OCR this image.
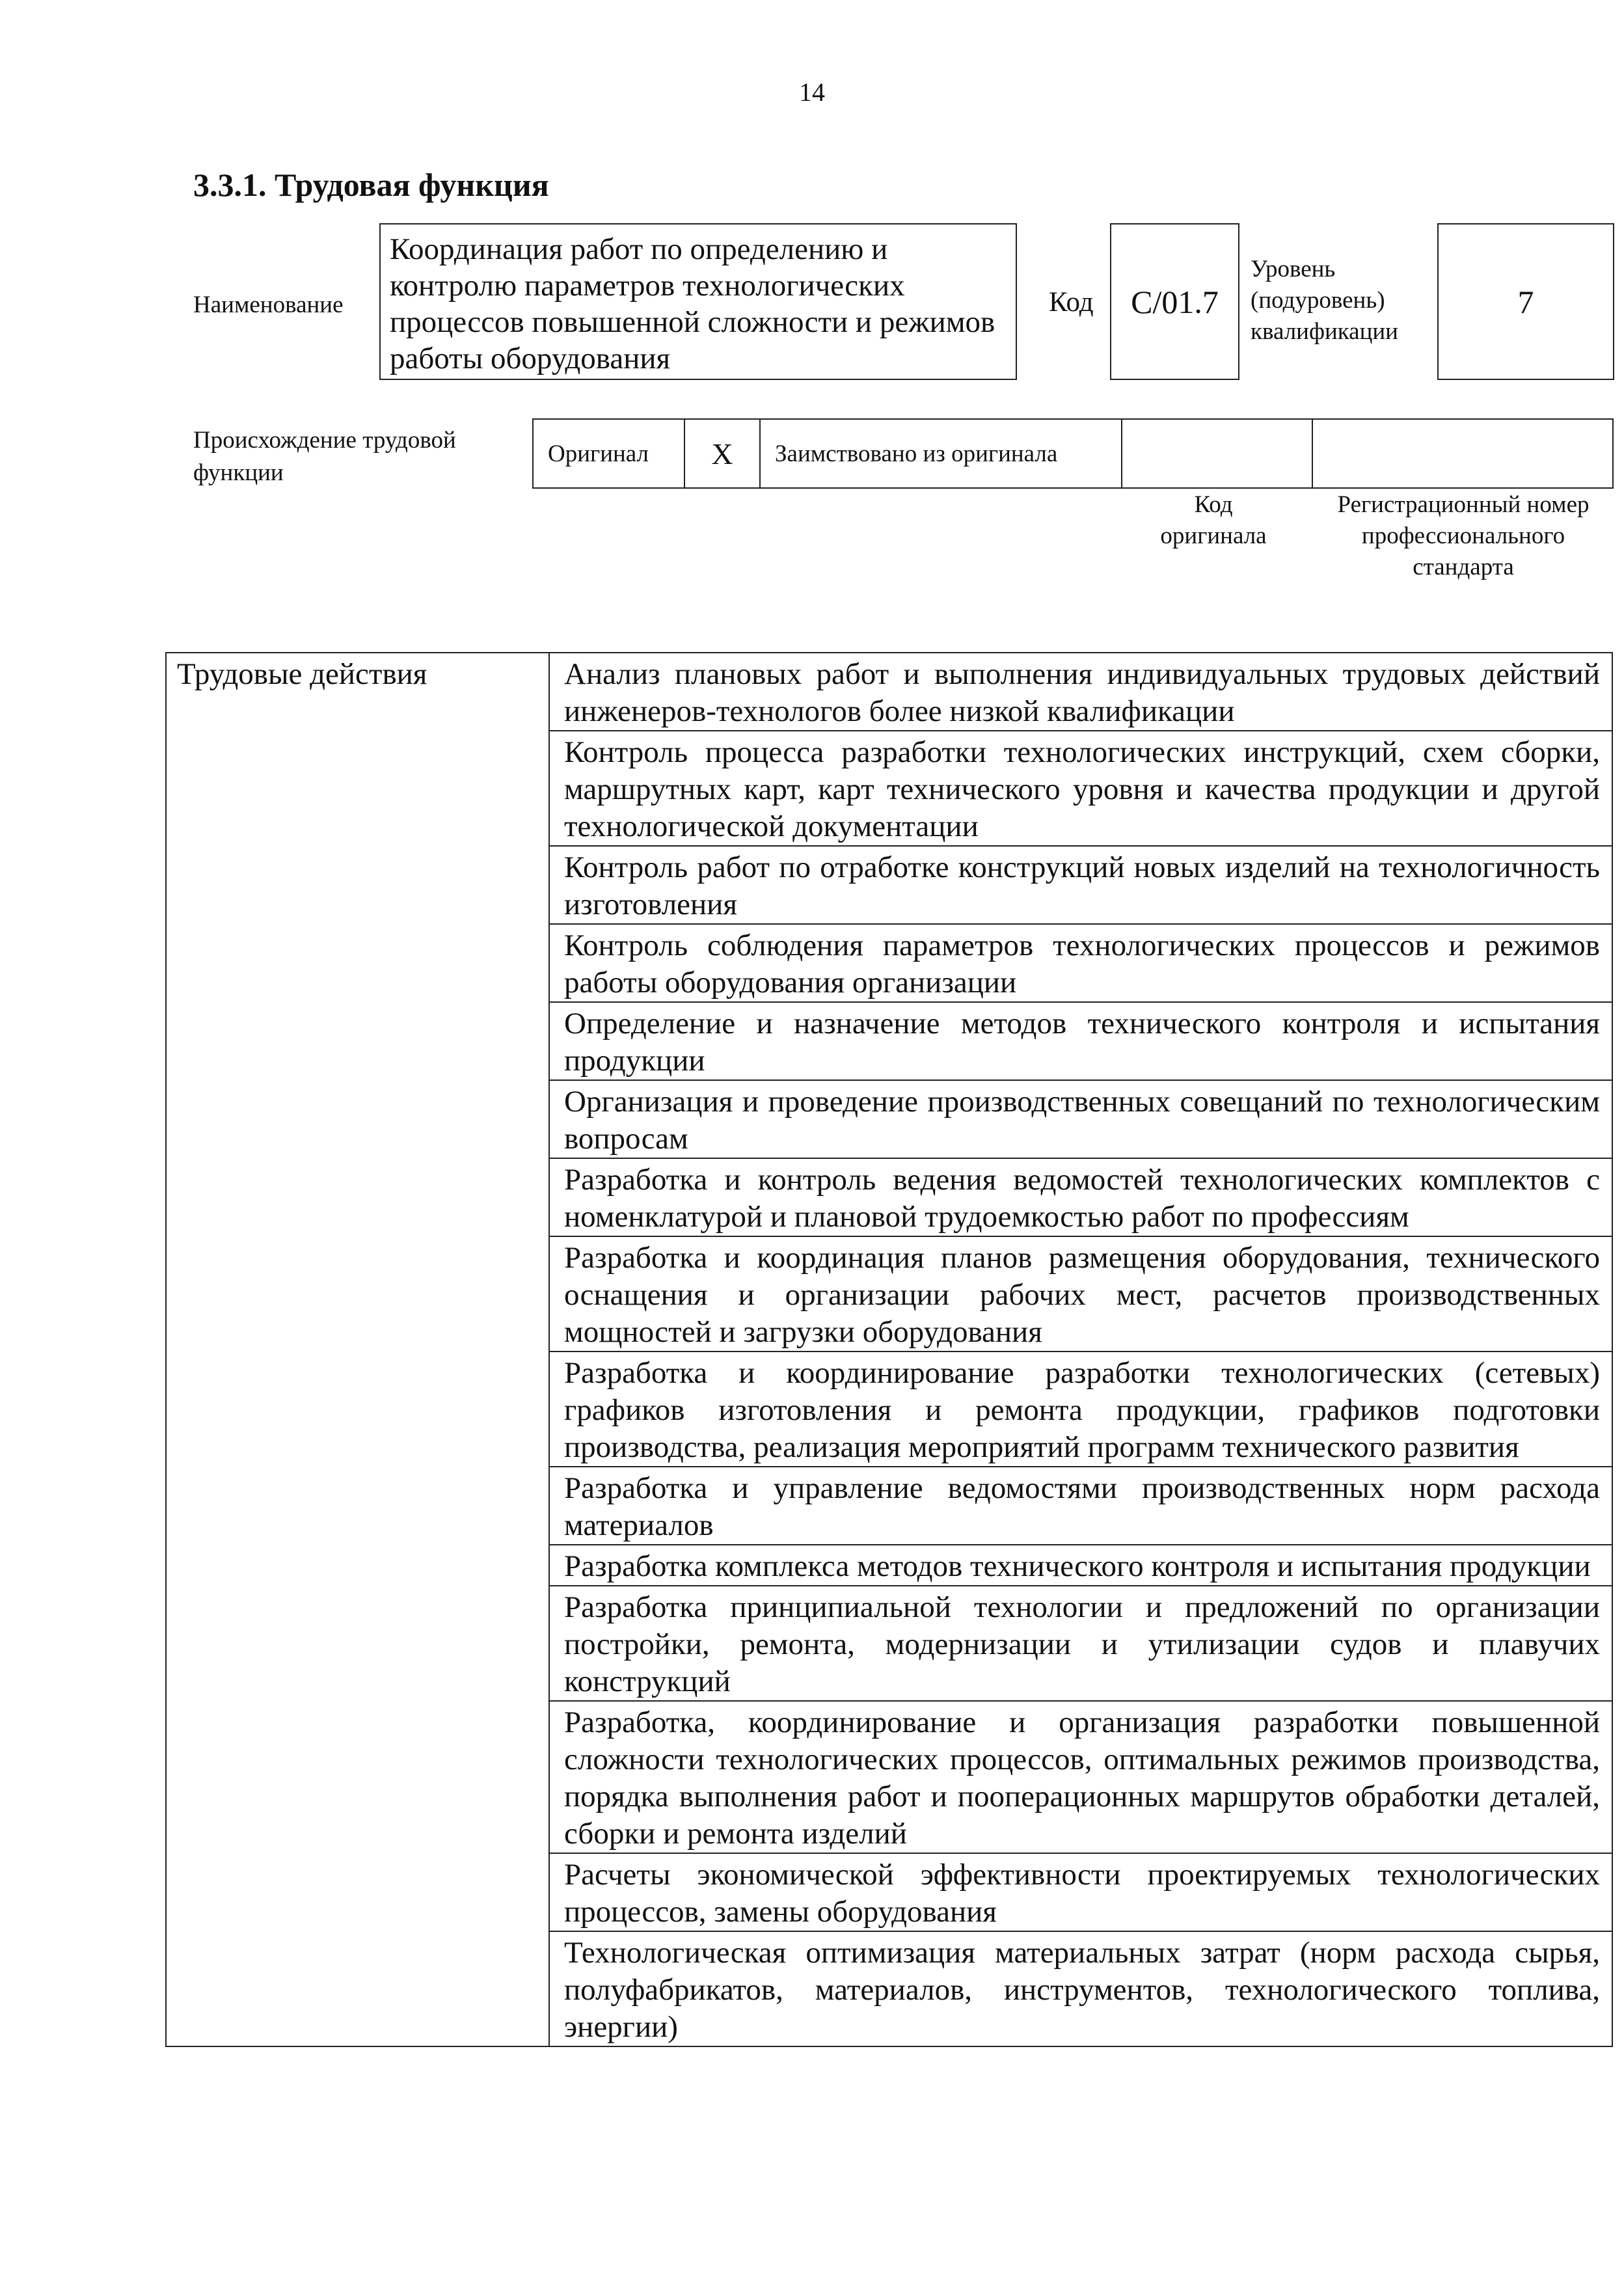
14
3.3.1. Трудовая функция
Наименование
Координация работ по определению и контролю параметров технологических процессов повышенной сложности и режимов работы оборудования
Код	C/01.7
Уровень (подуровень) квалификации
7
Происхождение трудовой функции
Оригинал	X	Заимствовано из оригинала
Код оригинала
Регистрационный номер профессионального стандарта
Трудовые действия	Анализ плановых работ и выполнения индивидуальных трудовых действий инженеров-технологов более низкой квалификации
Контроль процесса разработки технологических инструкций, схем сборки, маршрутных карт, карт технического уровня и качества продукции и другой технологической документации
Контроль работ по отработке конструкций новых изделий на технологичность изготовления
Контроль соблюдения параметров технологических процессов и режимов работы оборудования организации
Определение и назначение методов технического контроля и испытания продукции
Организация и проведение производственных совещаний по технологическим вопросам
Разработка и контроль ведения ведомостей технологических комплектов с номенклатурой и плановой трудоемкостью работ по профессиям
Разработка и координация планов размещения оборудования, технического оснащения и организации рабочих мест, расчетов производственных мощностей и загрузки оборудования
Разработка и координирование разработки технологических (сетевых) графиков изготовления и ремонта продукции, графиков подготовки производства, реализация мероприятий программ технического развития
Разработка и управление ведомостями производственных норм расхода материалов
Разработка комплекса методов технического контроля и испытания продукции
Разработка принципиальной технологии и предложений по организации постройки, ремонта, модернизации и утилизации судов и плавучих конструкций
Разработка, координирование и организация разработки повышенной сложности технологических процессов, оптимальных режимов производства, порядка выполнения работ и пооперационных маршрутов обработки деталей, сборки и ремонта изделий
Расчеты экономической эффективности проектируемых технологических процессов, замены оборудования
Технологическая оптимизация материальных затрат (норм расхода сырья, полуфабрикатов, материалов, инструментов, технологического топлива, энергии)
